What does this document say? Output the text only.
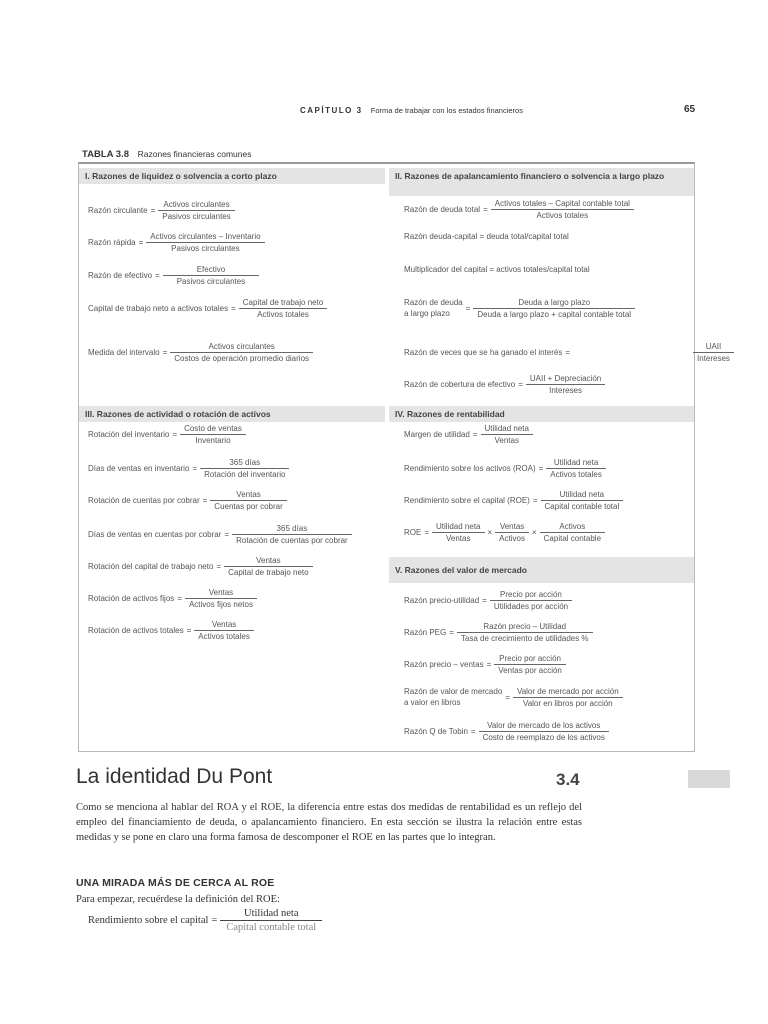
CAPÍTULO 3 Forma de trabajar con los estados financieros	65
TABLA 3.8 Razones financieras comunes
I. Razones de liquidez o solvencia a corto plazo	II. Razones de apalancamiento financiero o solvencia a largo plazo
III. Razones de actividad o rotación de activos	IV. Razones de rentabilidad
V. Razones del valor de mercado
Razón circulante = $\frac{\text{Activos circulantes}}{\text{Pasivos circulantes}}$
Razón rápida = $\frac{\text{Activos circulantes – Inventario}}{\text{Pasivos circulantes}}$
Razón de efectivo = $\frac{\text{Efectivo}}{\text{Pasivos circulantes}}$
Capital de trabajo neto a activos totales = $\frac{\text{Capital de trabajo neto}}{\text{Activos totales}}$
Medida del intervalo = $\frac{\text{Activos circulantes}}{\text{Costos de operación promedio diarios}}$
Razón de deuda total = $\frac{\text{Activos totales – Capital contable total}}{\text{Activos totales}}$
Razón deuda-capital = deuda total/capital total
Multiplicador del capital = activos totales/capital total
Razón de deuda
a largo plazo
= $\frac{\text{Deuda a largo plazo}}{\text{Deuda a largo plazo + capital contable total}}$
Razón de veces que se ha ganado el interés =	$\frac{\text{UAII}}{\text{Intereses}}$
Razón de cobertura de efectivo = $\frac{\text{UAII + Depreciación}}{\text{Intereses}}$
Rotación del inventario = $\frac{\text{Costo de ventas}}{\text{Inventario}}$
Días de ventas en inventario = $\frac{\text{365 días}}{\text{Rotación del inventario}}$
Rotación de cuentas por cobrar = $\frac{\text{Ventas}}{\text{Cuentas por cobrar}}$
Días de ventas en cuentas por cobrar = $\frac{\text{365 días}}{\text{Rotación de cuentas por cobrar}}$
Rotación del capital de trabajo neto = $\frac{\text{Ventas}}{\text{Capital de trabajo neto}}$
Rotación de activos fijos = $\frac{\text{Ventas}}{\text{Activos fijos netos}}$
Rotación de activos totales = $\frac{\text{Ventas}}{\text{Activos totales}}$
Margen de utilidad = $\frac{\text{Utilidad neta}}{\text{Ventas}}$
Rendimiento sobre los activos $(ROA) = \frac{\text{Utilidad neta}}{\text{Activos totales}}$
Rendimiento sobre el capital $(ROE) = \frac{\text{Utilidad neta}}{\text{Capital contable total}}$
ROE = $\frac{\text{Utilidad neta}}{\text{Ventas}} \times \frac{\text{Ventas}}{\text{Activos}} \times \frac{\text{Activos}}{\text{Capital contable}}$
Razón precio-utilidad = $\frac{\text{Precio por acción}}{\text{Utilidades por acción}}$
Razón PEG = $\frac{\text{Razón precio – Utilidad}}{\text{Tasa de crecimiento de utilidades \%}}$
Razón precio – ventas = $\frac{\text{Precio por acción}}{\text{Ventas por acción}}$
Razón de valor de mercado
a valor en libros
= $\frac{\text{Valor de mercado por acción}}{\text{Valor en libros por acción}}$
Razón Q de Tobin = $\frac{\text{Valor de mercado de los activos}}{\text{Costo de reemplazo de los activos}}$
La identidad Du Pont	3.4
Como se menciona al hablar del ROA y el ROE, la diferencia entre estas dos medidas de rentabilidad es un reflejo del empleo del financiamiento de deuda, o apalancamiento financiero. En esta sección se ilustra la relación entre estas medidas y se pone en claro una forma famosa de descomponer el ROE en las partes que lo integran.
UNA MIRADA MÁS DE CERCA AL ROE
Para empezar, recuérdese la definición del ROE:
Rendimiento sobre el capital = $\frac{\text{Utilidad neta}}{\text{Capital contable total}}$
